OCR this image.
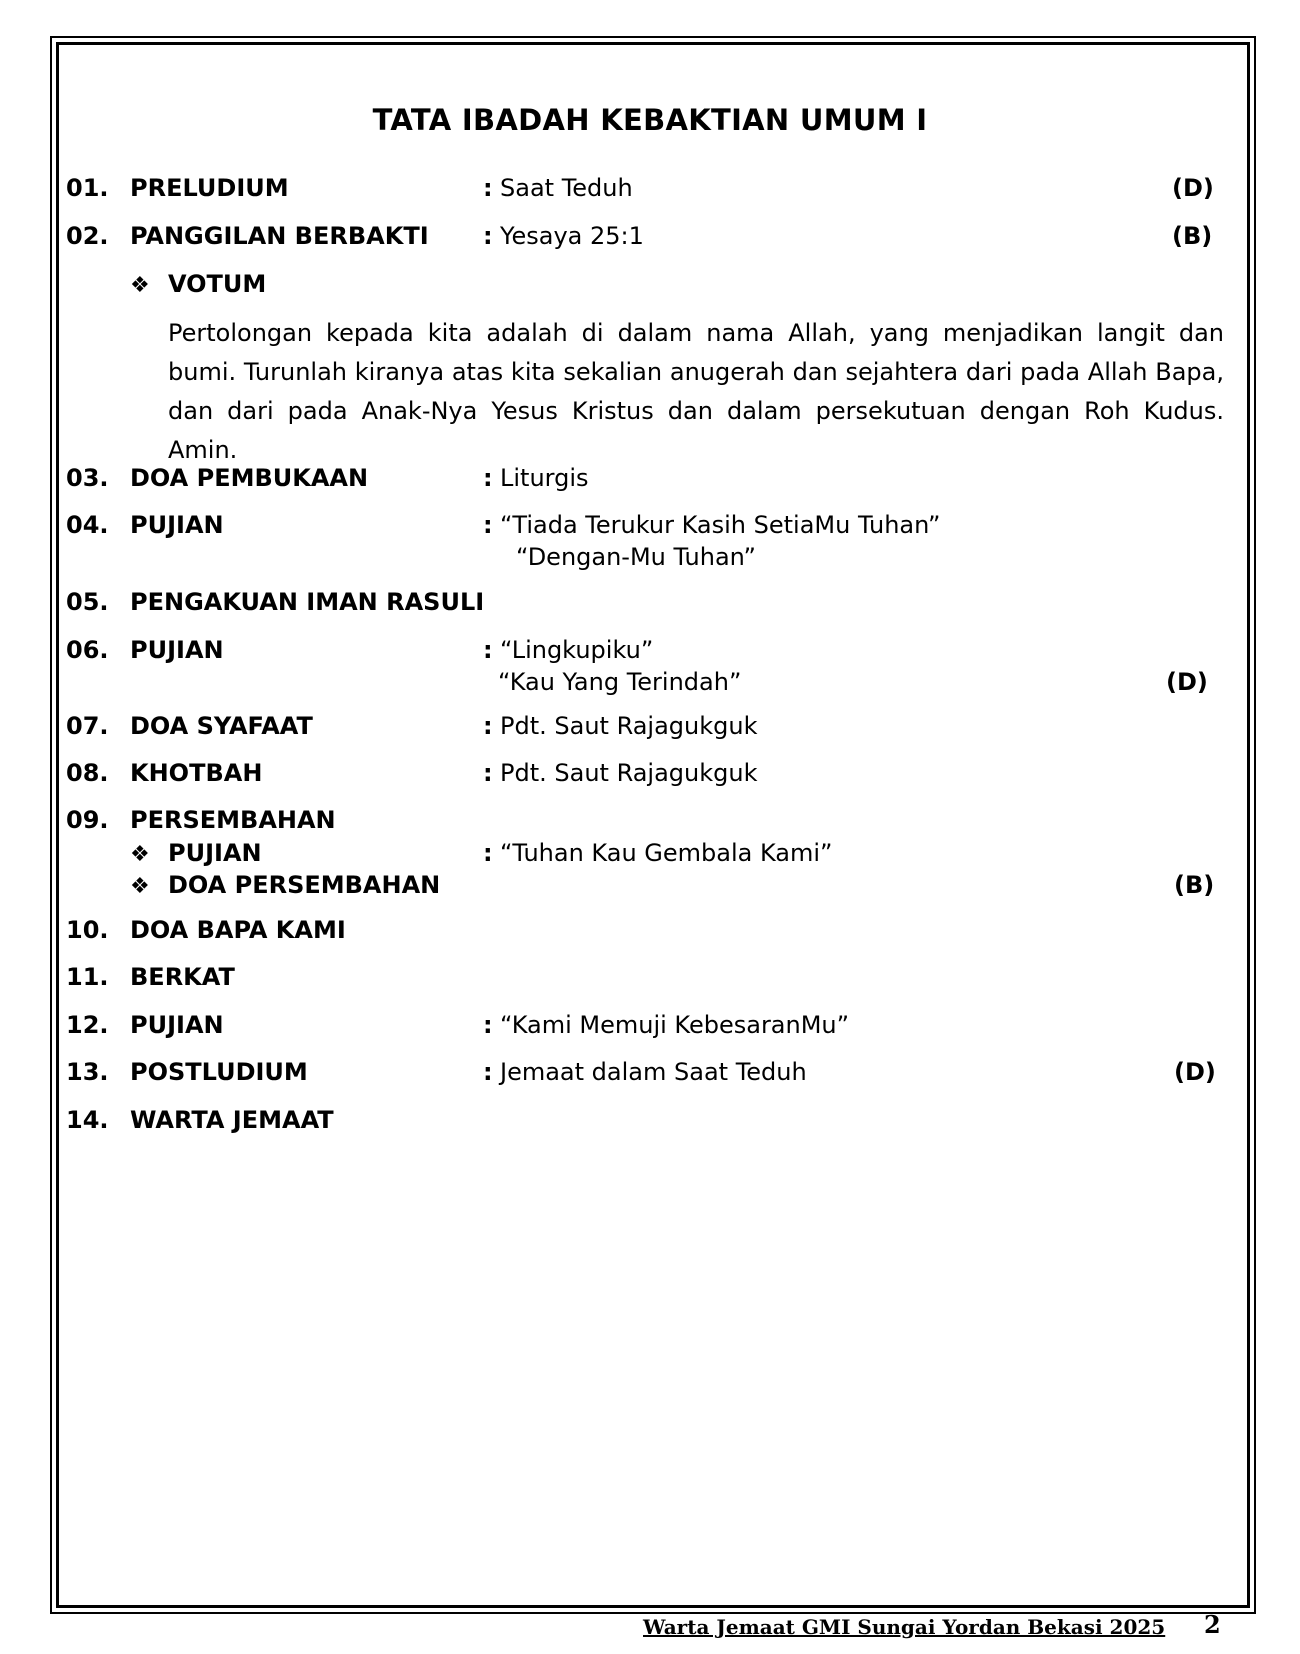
TATA IBADAH KEBAKTIAN UMUM I
01. PRELUDIUM	: Saat Teduh	(D)
02. PANGGILAN BERBAKTI : Yesaya 25:1	(B)
❖ VOTUM
Pertolongan kepada kita adalah di dalam nama Allah, yang menjadikan langit dan bumi. Turunlah kiranya atas kita sekalian anugerah dan sejahtera dari pada Allah Bapa, dan dari pada Anak-Nya Yesus Kristus dan dalam persekutuan dengan Roh Kudus. Amin.
03. DOA PEMBUKAAN	: Liturgis
04. PUJIAN	: “Tiada Terukur Kasih SetiaMu Tuhan”
“Dengan-Mu Tuhan”
05. PENGAKUAN IMAN RASULI
06. PUJIAN	: “Lingkupiku”
“Kau Yang Terindah”	(D)
07. DOA SYAFAAT	: Pdt. Saut Rajagukguk
08. KHOTBAH	: Pdt. Saut Rajagukguk
09. PERSEMBAHAN
❖ PUJIAN	: “Tuhan Kau Gembala Kami”
❖ DOA PERSEMBAHAN	(B)
10. DOA BAPA KAMI
11. BERKAT
12. PUJIAN	: “Kami Memuji KebesaranMu”
13. POSTLUDIUM	: Jemaat dalam Saat Teduh	(D)
14. WARTA JEMAAT
Warta Jemaat GMI Sungai Yordan Bekasi 2025 2
